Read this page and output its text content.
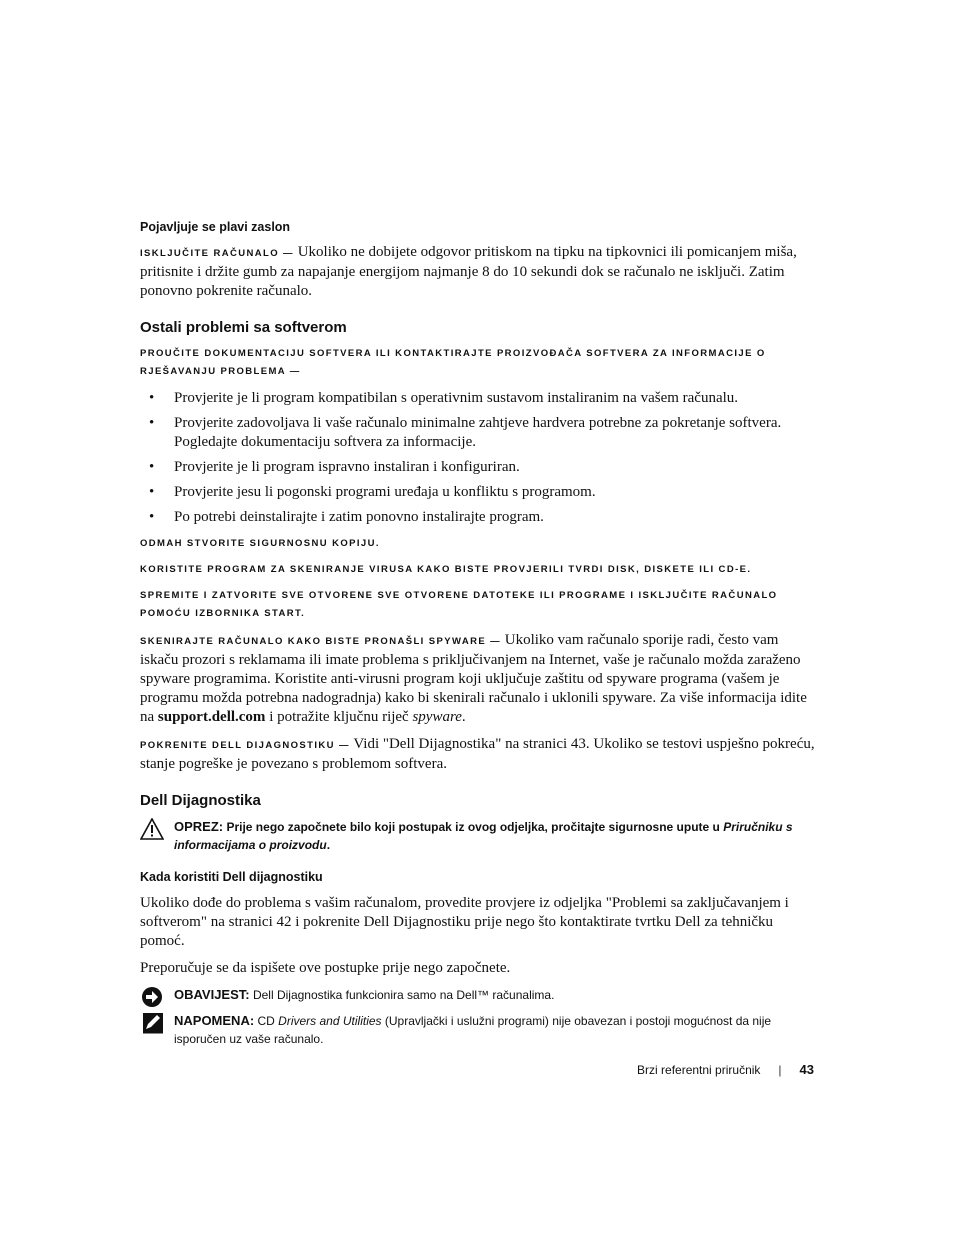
Pojavljuje se plavi zaslon

ISKLJUČITE RAČUNALO — Ukoliko ne dobijete odgovor pritiskom na tipku na tipkovnici ili pomicanjem miša, pritisnite i držite gumb za napajanje energijom najmanje 8 do 10 sekundi dok se računalo ne isključi. Zatim ponovno pokrenite računalo.

Ostali problemi sa softverom
PROUČITE DOKUMENTACIJU SOFTVERA ILI KONTAKTIRAJTE PROIZVOĐAČA SOFTVERA ZA INFORMACIJE O RJEŠAVANJU PROBLEMA —
• Provjerite je li program kompatibilan s operativnim sustavom instaliranim na vašem računalu.
• Provjerite zadovoljava li vaše računalo minimalne zahtjeve hardvera potrebne za pokretanje softvera. Pogledajte dokumentaciju softvera za informacije.
• Provjerite je li program ispravno instaliran i konfiguriran.
• Provjerite jesu li pogonski programi uređaja u konfliktu s programom.
• Po potrebi deinstalirajte i zatim ponovno instalirajte program.
ODMAH STVORITE SIGURNOSNU KOPIJU.
KORISTITE PROGRAM ZA SKENIRANJE VIRUSA KAKO BISTE PROVJERILI TVRDI DISK, DISKETE ILI CD-E.
SPREMITE I ZATVORITE SVE OTVORENE SVE OTVORENE DATOTEKE ILI PROGRAME I ISKLJUČITE RAČUNALO POMOĆU IZBORNIKA START.

SKENIRAJTE RAČUNALO KAKO BISTE PRONAŠLI SPYWARE — Ukoliko vam računalo sporije radi, često vam iskaču prozori s reklamama ili imate problema s priključivanjem na Internet, vaše je računalo možda zaraženo spyware programima. Koristite anti-virusni program koji uključuje zaštitu od spyware programa (vašem je programu možda potrebna nadogradnja) kako bi skenirali računalo i uklonili spyware. Za više informacija idite na support.dell.com i potražite ključnu riječ spyware.

POKRENITE DELL DIJAGNOSTIKU — Vidi "Dell Dijagnostika" na stranici 43. Ukoliko se testovi uspješno pokreću, stanje pogreške je povezano s problemom softvera.

Dell Dijagnostika
OPREZ: Prije nego započnete bilo koji postupak iz ovog odjeljka, pročitajte sigurnosne upute u Priručniku s informacijama o proizvodu.
Kada koristiti Dell dijagnostiku

Ukoliko dođe do problema s vašim računalom, provedite provjere iz odjeljka "Problemi sa zaključavanjem i softverom" na stranici 42 i pokrenite Dell Dijagnostiku prije nego što kontaktirate tvrtku Dell za tehničku pomoć.

Preporučuje se da ispišete ove postupke prije nego započnete.

OBAVIJEST: Dell Dijagnostika funkcionira samo na Dell™ računalima.
NAPOMENA: CD Drivers and Utilities (Upravljački i uslužni programi) nije obavezan i postoji mogućnost da nije isporučen uz vaše računalo.
Brzi referentni priručnik | 43
